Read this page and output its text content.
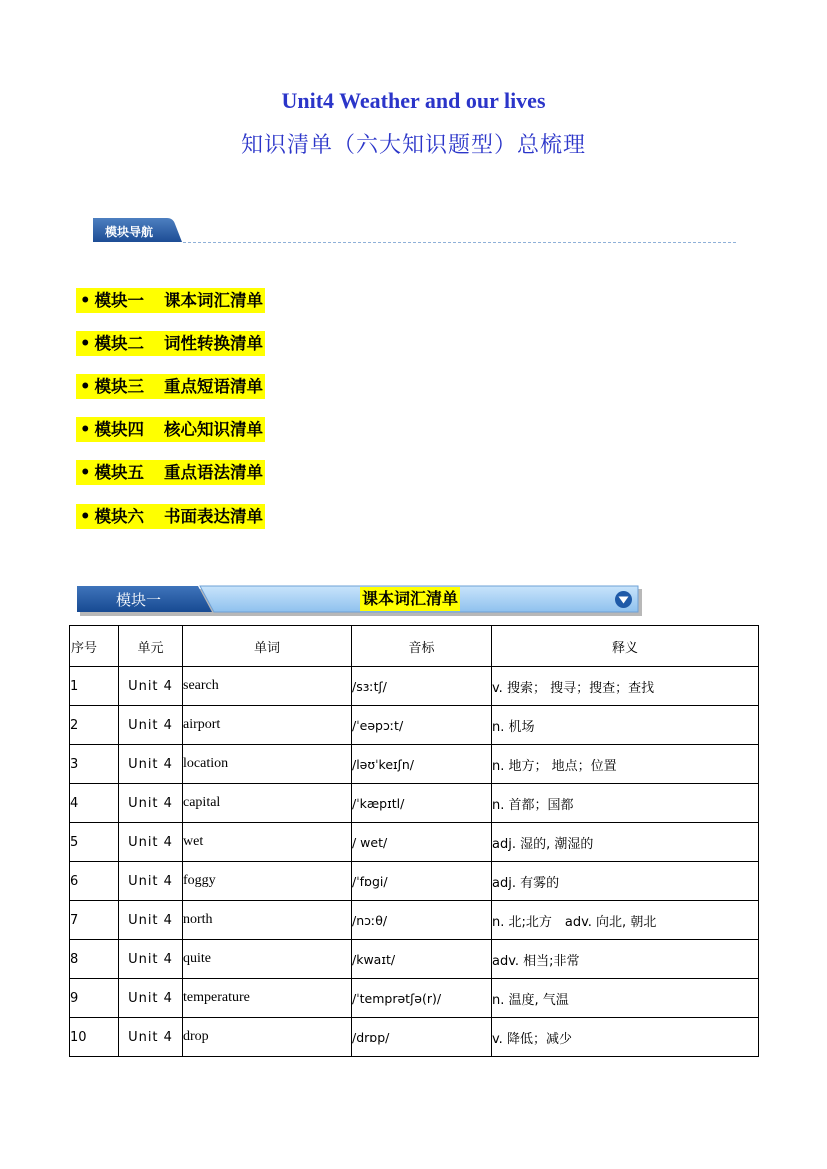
Unit4 Weather and our lives
知识清单（六大知识题型）总梳理
模块导航
• 模块一 课本词汇清单
• 模块二 词性转换清单
• 模块三 重点短语清单
• 模块四 核心知识清单
• 模块五 重点语法清单
• 模块六 书面表达清单
模块一	课本词汇清单
序号	单元	单词	音标	释义
1	Unit 4	search	/sɜːtʃ/	v. 搜索； 搜寻；搜查；查找
2	Unit 4	airport	/ˈeəpɔːt/	n. 机场
3	Unit 4	location	/ləʊˈkeɪʃn/	n. 地方； 地点；位置
4	Unit 4	capital	/ˈkæpɪtl/	n. 首都；国都
5	Unit 4	wet	/ wet/	adj. 湿的, 潮湿的
6	Unit 4	foggy	/ˈfɒgi/	adj. 有雾的
7	Unit 4	north	/nɔːθ/	n. 北;北方　adv. 向北, 朝北
8	Unit 4	quite	/kwaɪt/	adv. 相当;非常
9	Unit 4	temperature	/ˈtemprətʃə(r)/	n. 温度, 气温
10	Unit 4	drop	/drɒp/	v. 降低；减少
